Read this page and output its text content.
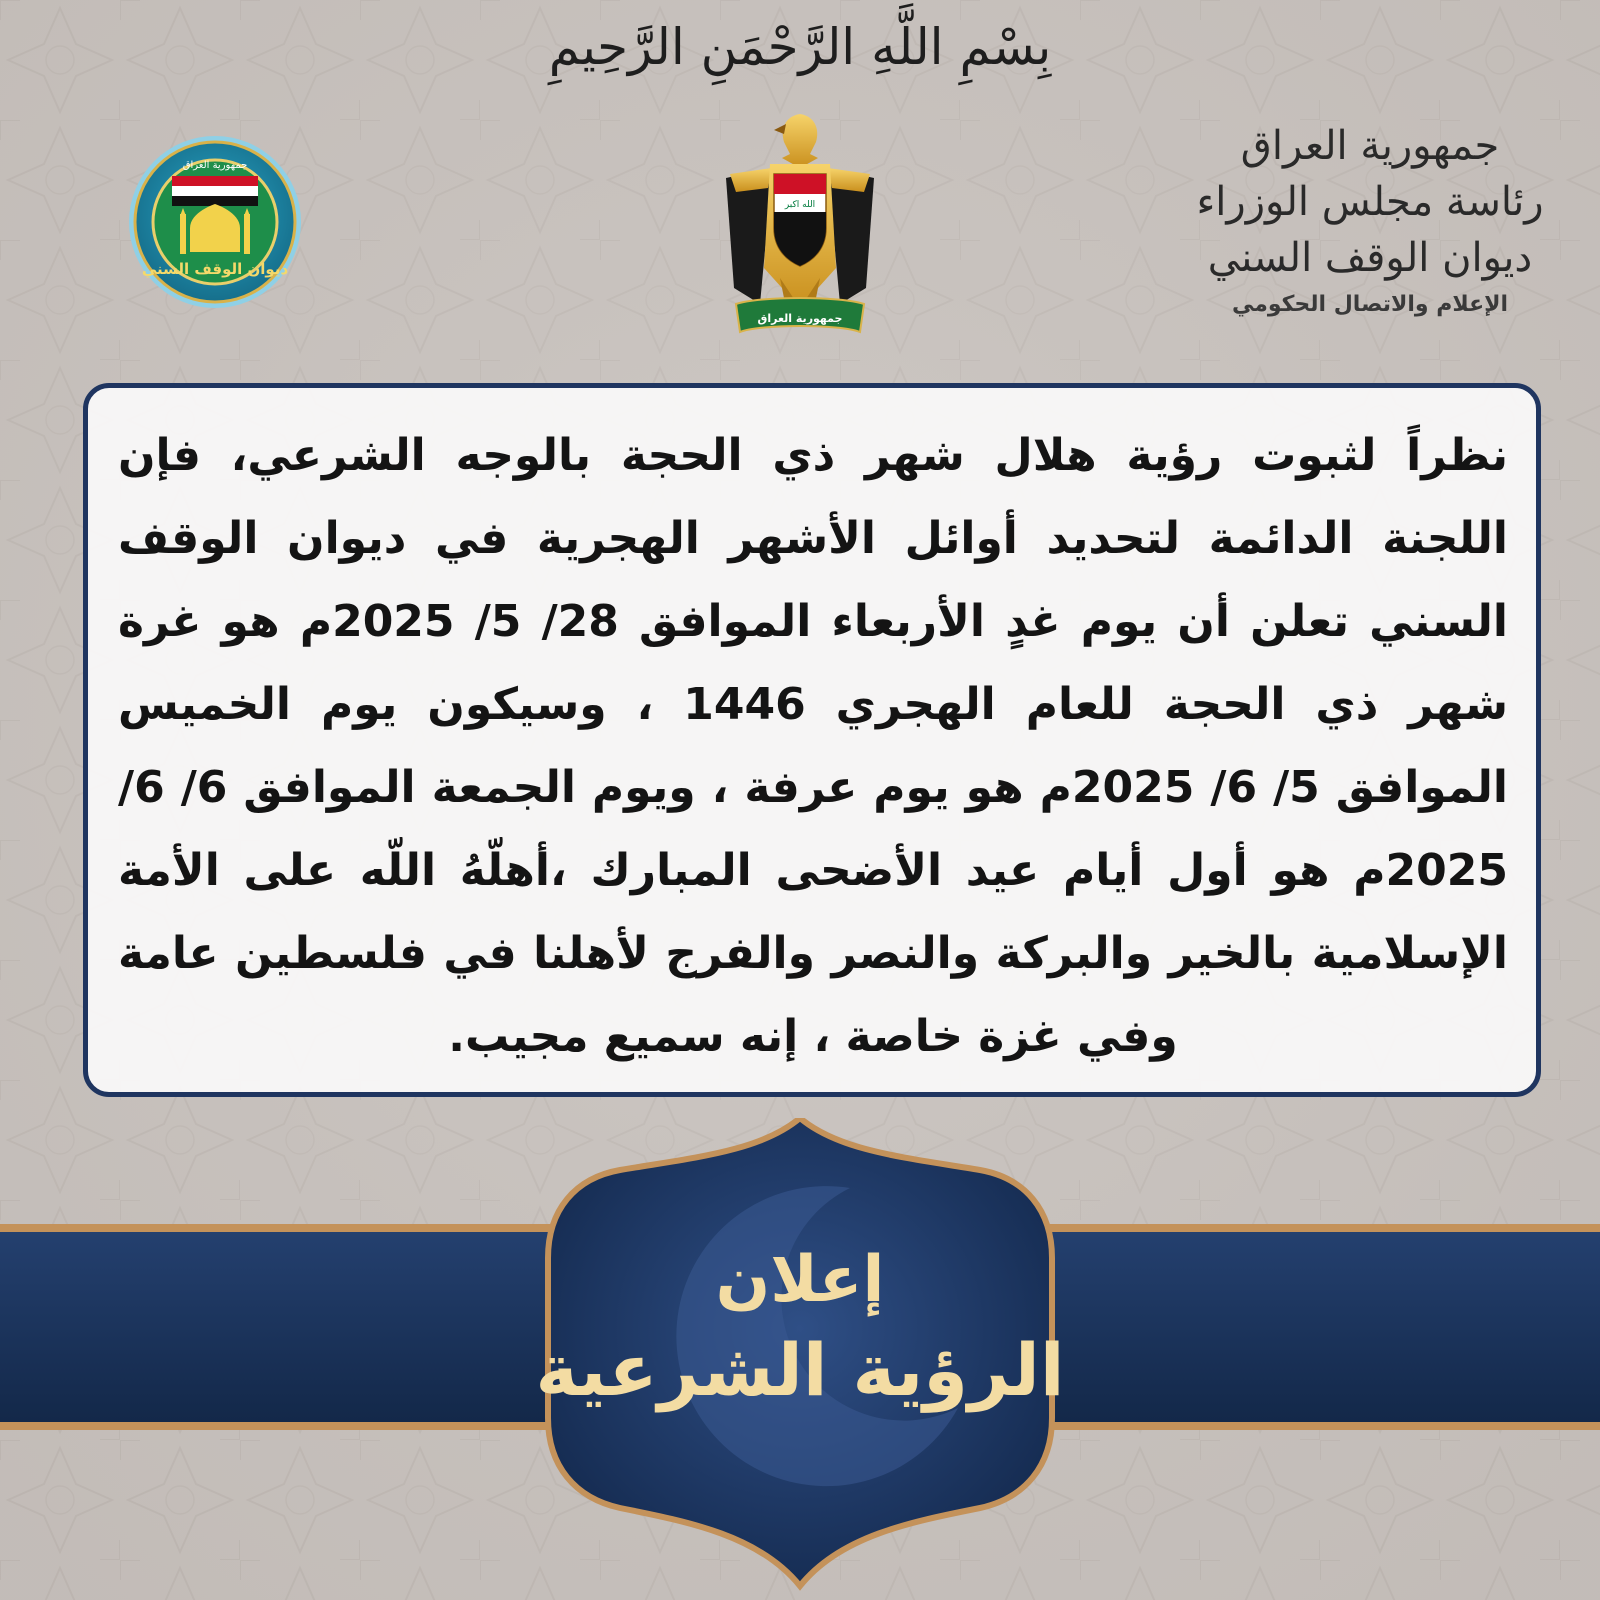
بِسْمِ اللَّهِ الرَّحْمَنِ الرَّحِيمِ
جمهورية العراق
رئاسة مجلس الوزراء
ديوان الوقف السني
الإعلام والاتصال الحكومي
الله اكبر
جمهورية العراق
جمهورية العراق
ديوان الوقف السني
نظراً لثبوت رؤية هلال شهر ذي الحجة بالوجه الشرعي، فإن اللجنة الدائمة لتحديد أوائل الأشهر الهجرية في ديوان الوقف السني تعلن أن يوم غدٍ الأربعاء الموافق 28/ 5/ 2025م هو غرة شهر ذي الحجة للعام الهجري 1446 ، وسيكون يوم الخميس الموافق 5/ 6/ 2025م هو يوم عرفة ، ويوم الجمعة الموافق 6/ 6/ 2025م هو أول أيام عيد الأضحى المبارك ،أهلّهُ اللّه على الأمة الإسلامية بالخير والبركة والنصر والفرج لأهلنا في فلسطين عامة وفي غزة خاصة ، إنه سميع مجيب.
إعلان
الرؤية الشرعية
